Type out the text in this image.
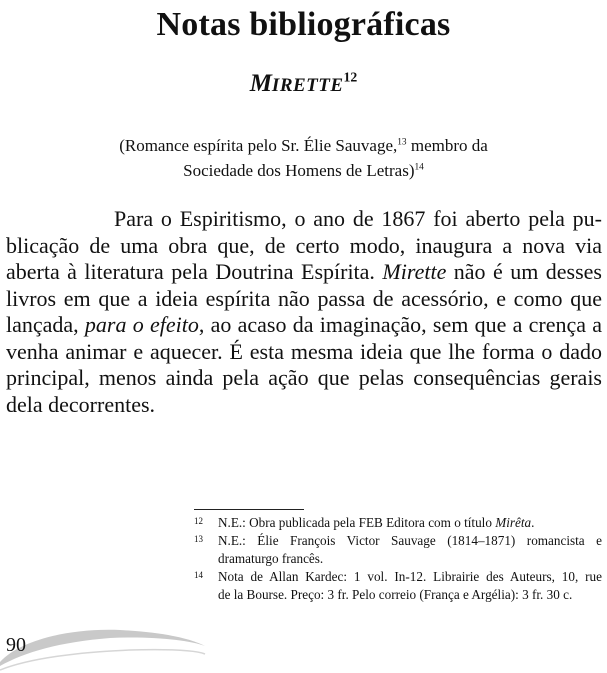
Notas bibliográficas
MIRETTE$^{12}$

(Romance espírita pelo Sr. Élie Sauvage,$^{13}$ membro da
Sociedade dos Homens de Letras)$^{14}$

Para o Espiritismo, o ano de 1867 foi aberto pela pu-
blicação de uma obra que, de certo modo, inaugura a nova via
aberta à literatura pela Doutrina Espírita. Mirette não é um desses
livros em que a ideia espírita não passa de acessório, e como que
lançada, para o efeito, ao acaso da imaginação, sem que a crença a
venha animar e aquecer. É esta mesma ideia que lhe forma o dado
principal, menos ainda pela ação que pelas consequências gerais
dela decorrentes.
12 N.E.: Obra publicada pela FEB Editora com o título Mirêta.
13 N.E.: Élie François Victor Sauvage (1814–1871) romancista e
dramaturgo francês.
14 Nota de Allan Kardec: 1 vol. In-12. Librairie des Auteurs, 10, rue
de la Bourse. Preço: 3 fr. Pelo correio (França e Argélia): 3 fr. 30 c.

90
